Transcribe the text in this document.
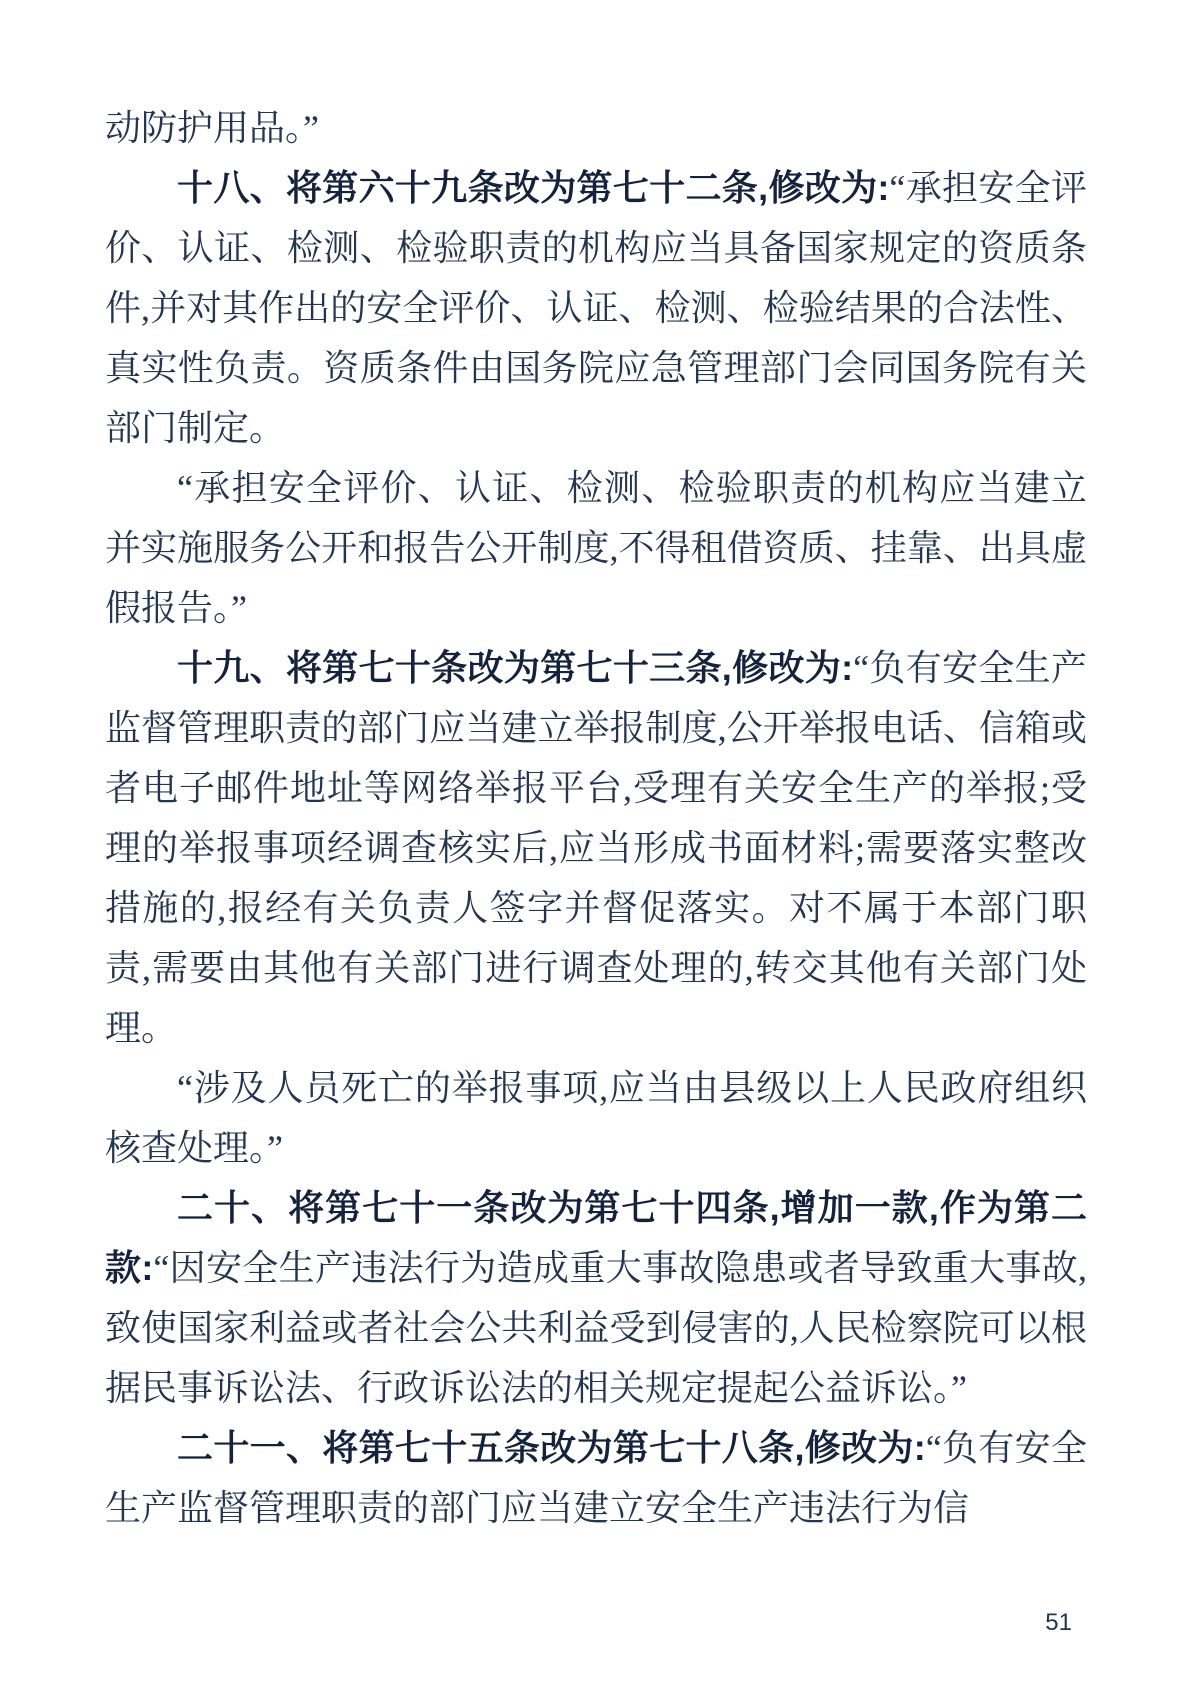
动防护用品。”

十八、将第六十九条改为第七十二条,修改为:“承担安全评价、认证、检测、检验职责的机构应当具备国家规定的资质条件,并对其作出的安全评价、认证、检测、检验结果的合法性、真实性负责。资质条件由国务院应急管理部门会同国务院有关部门制定。

“承担安全评价、认证、检测、检验职责的机构应当建立并实施服务公开和报告公开制度,不得租借资质、挂靠、出具虚假报告。”

十九、将第七十条改为第七十三条,修改为:“负有安全生产监督管理职责的部门应当建立举报制度,公开举报电话、信箱或者电子邮件地址等网络举报平台,受理有关安全生产的举报;受理的举报事项经调查核实后,应当形成书面材料;需要落实整改措施的,报经有关负责人签字并督促落实。对不属于本部门职责,需要由其他有关部门进行调查处理的,转交其他有关部门处理。

“涉及人员死亡的举报事项,应当由县级以上人民政府组织核查处理。”

二十、将第七十一条改为第七十四条,增加一款,作为第二款:“因安全生产违法行为造成重大事故隐患或者导致重大事故,致使国家利益或者社会公共利益受到侵害的,人民检察院可以根据民事诉讼法、行政诉讼法的相关规定提起公益诉讼。”

二十一、将第七十五条改为第七十八条,修改为:“负有安全生产监督管理职责的部门应当建立安全生产违法行为信

51
